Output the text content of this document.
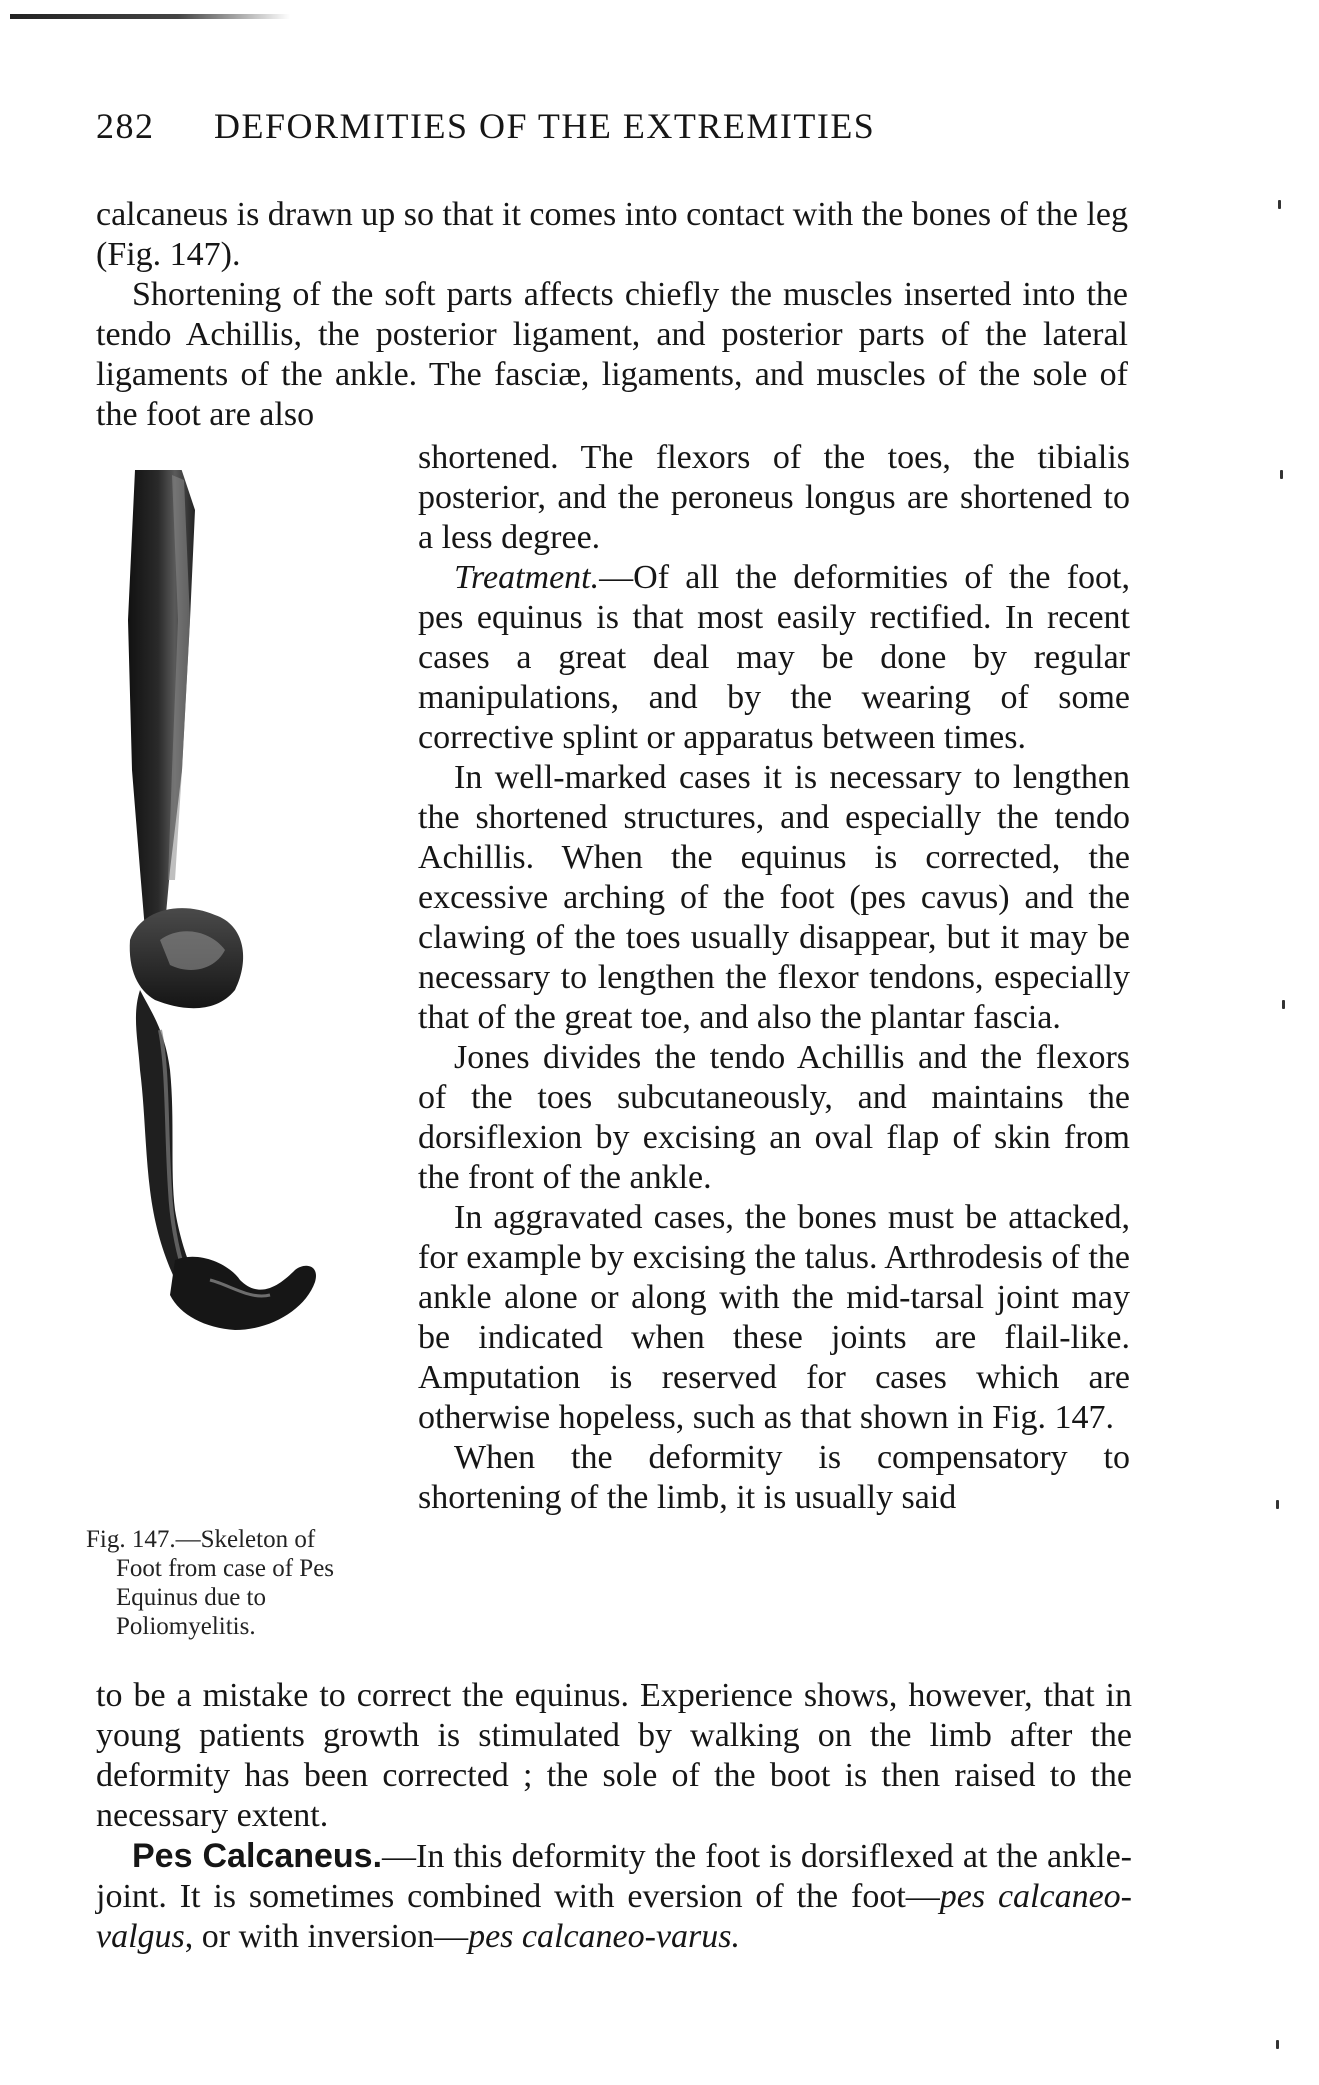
282 DEFORMITIES OF THE EXTREMITIES

calcaneus is drawn up so that it comes into contact with the bones of the leg (Fig. 147).

Shortening of the soft parts affects chiefly the muscles inserted into the tendo Achillis, the posterior ligament, and posterior parts of the lateral ligaments of the ankle. The fasciæ, ligaments, and muscles of the sole of the foot are also

shortened. The flexors of the toes, the tibialis posterior, and the peroneus longus are shortened to a less degree.

Treatment.—Of all the deformities of the foot, pes equinus is that most easily rectified. In recent cases a great deal may be done by regular manipulations, and by the wearing of some corrective splint or apparatus between times.

In well-marked cases it is necessary to lengthen the shortened structures, and especially the tendo Achillis. When the equinus is corrected, the excessive arching of the foot (pes cavus) and the clawing of the toes usually disappear, but it may be necessary to lengthen the flexor tendons, especially that of the great toe, and also the plantar fascia.

Jones divides the tendo Achillis and the flexors of the toes subcutaneously, and maintains the dorsiflexion by excising an oval flap of skin from the front of the ankle.

In aggravated cases, the bones must be attacked, for example by excising the talus. Arthrodesis of the ankle alone or along with the mid-tarsal joint may be indicated when these joints are flail-like. Amputation is reserved for cases which are otherwise hopeless, such as that shown in Fig. 147.

When the deformity is compensatory to shortening of the limb, it is usually said

Fig. 147.—Skeleton of
Foot from case of Pes Equinus due to Poliomyelitis.

to be a mistake to correct the equinus. Experience shows, however, that in young patients growth is stimulated by walking on the limb after the deformity has been corrected ; the sole of the boot is then raised to the necessary extent.

Pes Calcaneus.—In this deformity the foot is dorsiflexed at the ankle-joint. It is sometimes combined with eversion of the foot—pes calcaneo-valgus, or with inversion—pes calcaneo-varus.
